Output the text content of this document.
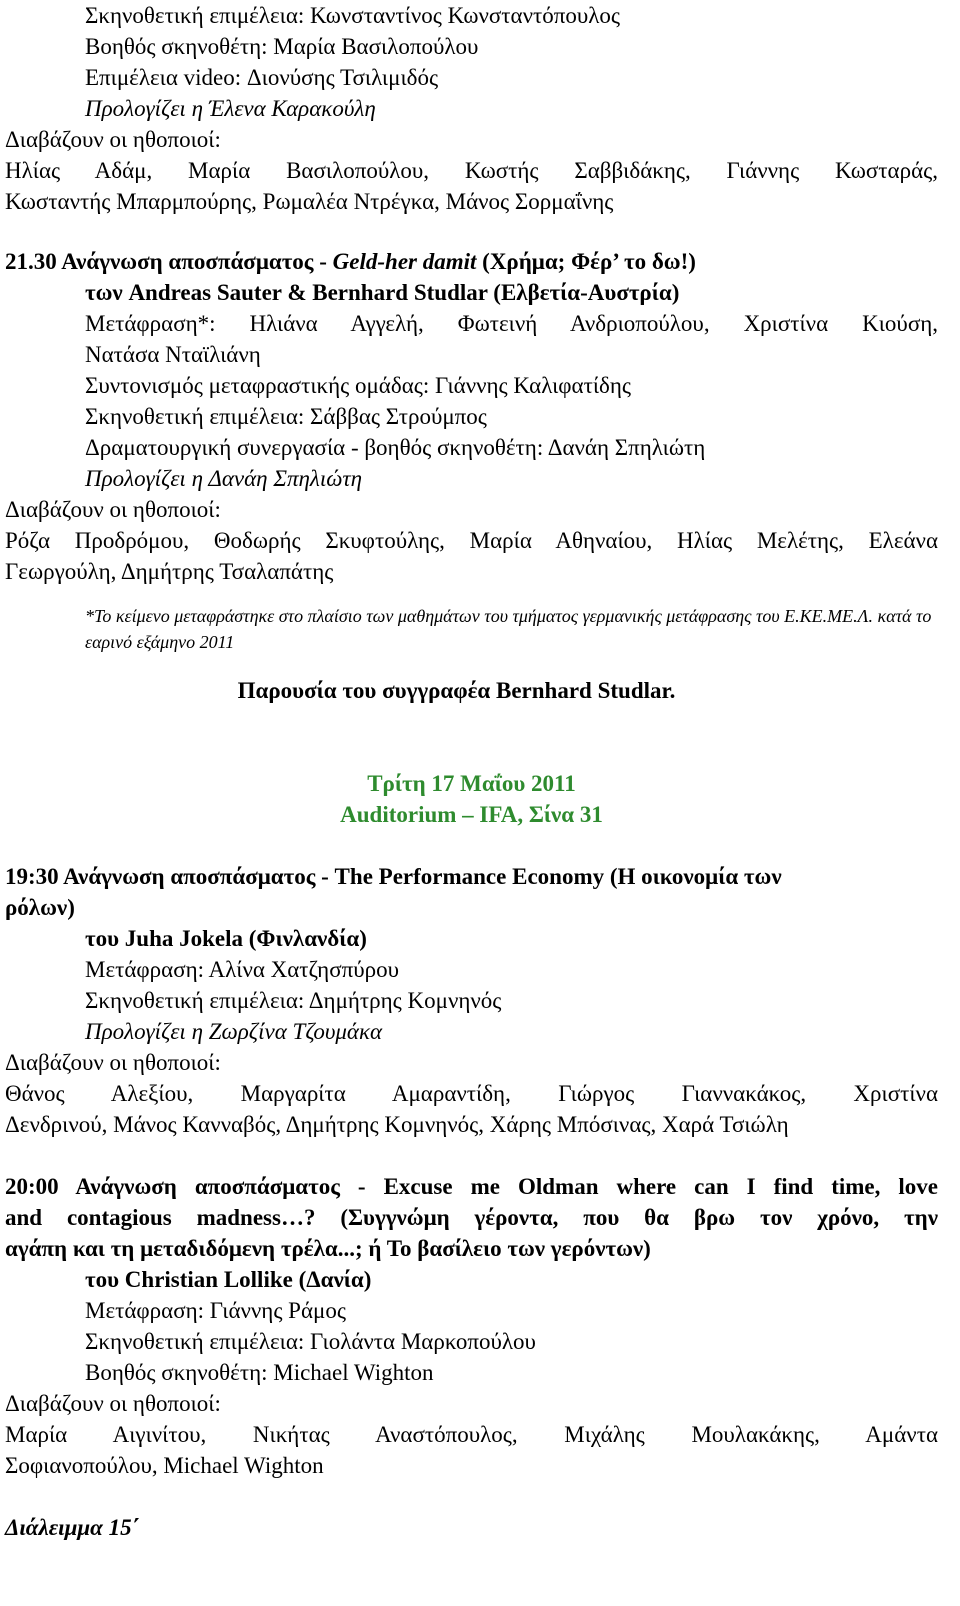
Σκηνοθετική επιμέλεια: Κωνσταντίνος Κωνσταντόπουλος
Βοηθός σκηνοθέτη: Μαρία Βασιλοπούλου
Επιμέλεια video: Διονύσης Τσιλιμιδός
Προλογίζει η Έλενα Καρακούλη
Διαβάζουν οι ηθοποιοί:
Ηλίας Αδάμ, Μαρία Βασιλοπούλου, Κωστής Σαββιδάκης, Γιάννης Κωσταράς,
Κωσταντής Μπαρμπούρης, Ρωμαλέα Ντρέγκα, Μάνος Σορμαΐνης
21.30 Ανάγνωση αποσπάσματος - Geld-her damit (Χρήμα; Φέρ’ το δω!)
των Andreas Sauter & Bernhard Studlar (Ελβετία-Αυστρία)
Μετάφραση*: Ηλιάνα Αγγελή, Φωτεινή Ανδριοπούλου, Χριστίνα Κιούση,
Νατάσα Νταϊλιάνη
Συντονισμός μεταφραστικής ομάδας: Γιάννης Καλιφατίδης
Σκηνοθετική επιμέλεια: Σάββας Στρούμπος
Δραματουργική συνεργασία - βοηθός σκηνοθέτη: Δανάη Σπηλιώτη
Προλογίζει η Δανάη Σπηλιώτη
Διαβάζουν οι ηθοποιοί:
Ρόζα Προδρόμου, Θοδωρής Σκυφτούλης, Μαρία Αθηναίου, Ηλίας Μελέτης, Ελεάνα
Γεωργούλη, Δημήτρης Τσαλαπάτης
*Το κείμενο μεταφράστηκε στο πλαίσιο των μαθημάτων του τμήματος γερμανικής μετάφρασης του Ε.ΚΕ.ΜΕ.Λ. κατά το εαρινό εξάμηνο 2011
Παρουσία του συγγραφέα Bernhard Studlar.
Τρίτη 17 Μαΐου 2011
Auditorium – IFA, Σίνα 31
19:30 Ανάγνωση αποσπάσματος - The Performance Economy (Η οικονομία των
ρόλων)
του Juha Jokela (Φινλανδία)
Μετάφραση: Αλίνα Χατζησπύρου
Σκηνοθετική επιμέλεια: Δημήτρης Κομνηνός
Προλογίζει η Ζωρζίνα Τζουμάκα
Διαβάζουν οι ηθοποιοί:
Θάνος Αλεξίου, Μαργαρίτα Αμαραντίδη, Γιώργος Γιαννακάκος, Χριστίνα
Δενδρινού, Μάνος Κανναβός, Δημήτρης Κομνηνός, Χάρης Μπόσινας, Χαρά Τσιώλη
20:00 Ανάγνωση αποσπάσματος - Excuse me Oldman where can I find time, love
and contagious madness…? (Συγγνώμη γέροντα, που θα βρω τον χρόνο, την
αγάπη και τη μεταδιδόμενη τρέλα...; ή Το βασίλειο των γερόντων)
του Christian Lollike (Δανία)
Μετάφραση: Γιάννης Ράμος
Σκηνοθετική επιμέλεια: Γιολάντα Μαρκοπούλου
Βοηθός σκηνοθέτη: Michael Wighton
Διαβάζουν οι ηθοποιοί:
Μαρία Αιγινίτου, Νικήτας Αναστόπουλος, Μιχάλης Μουλακάκης, Αμάντα
Σοφιανοπούλου, Michael Wighton
Διάλειμμα 15΄
